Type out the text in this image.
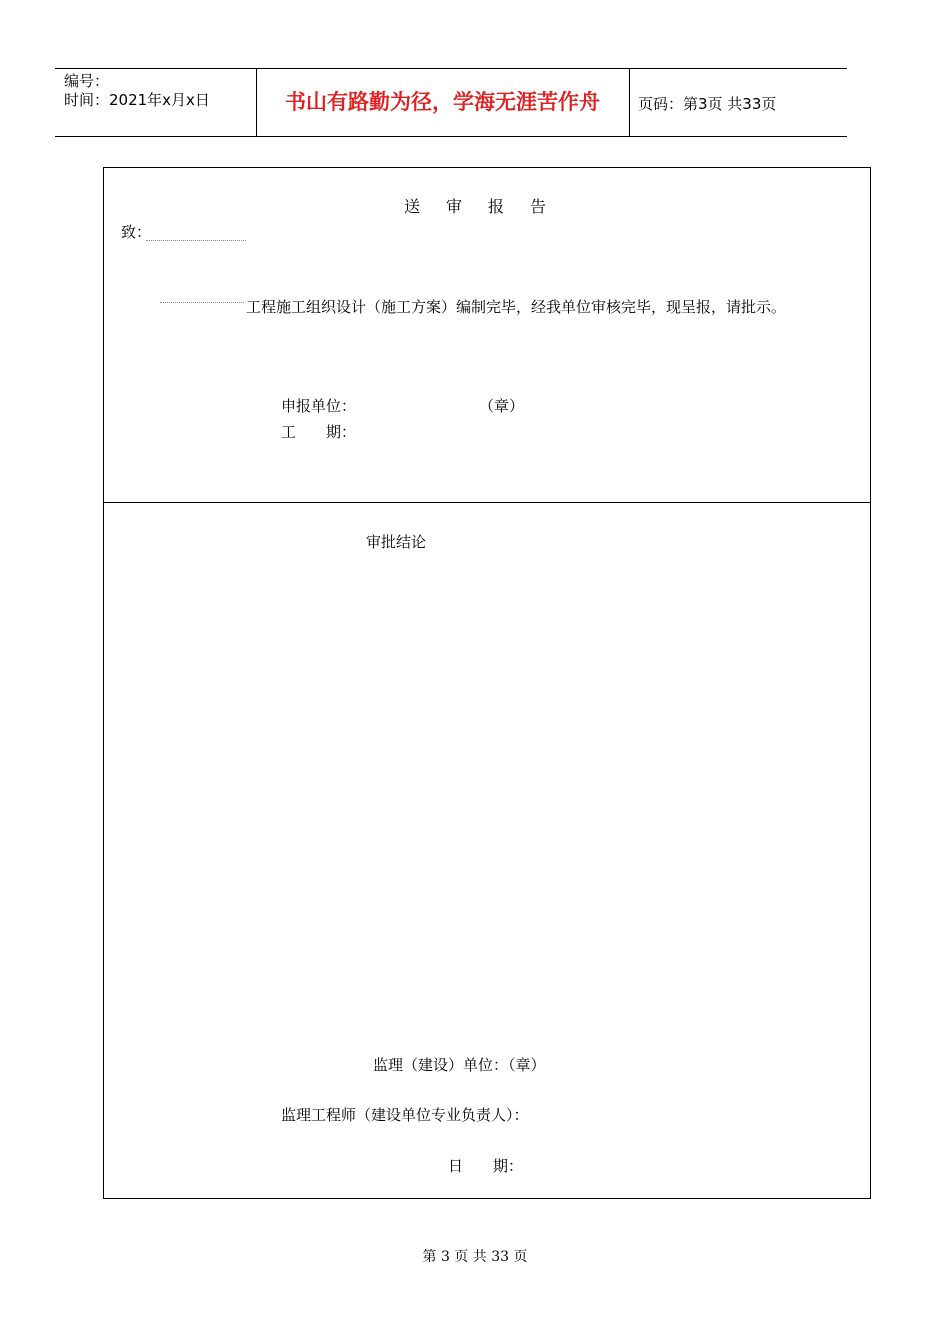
编号：
时间：2021年x月x日	书山有路勤为径，学海无涯苦作舟	页码：第3页 共33页
送审报告
致：
工程施工组织设计（施工方案）编制完毕，经我单位审核完毕，现呈报，请批示。
申报单位：	（章）
工　　期：
审批结论
监理（建设）单位：（章）
监理工程师（建设单位专业负责人）：
日　　期：
第 3 页 共 33 页
